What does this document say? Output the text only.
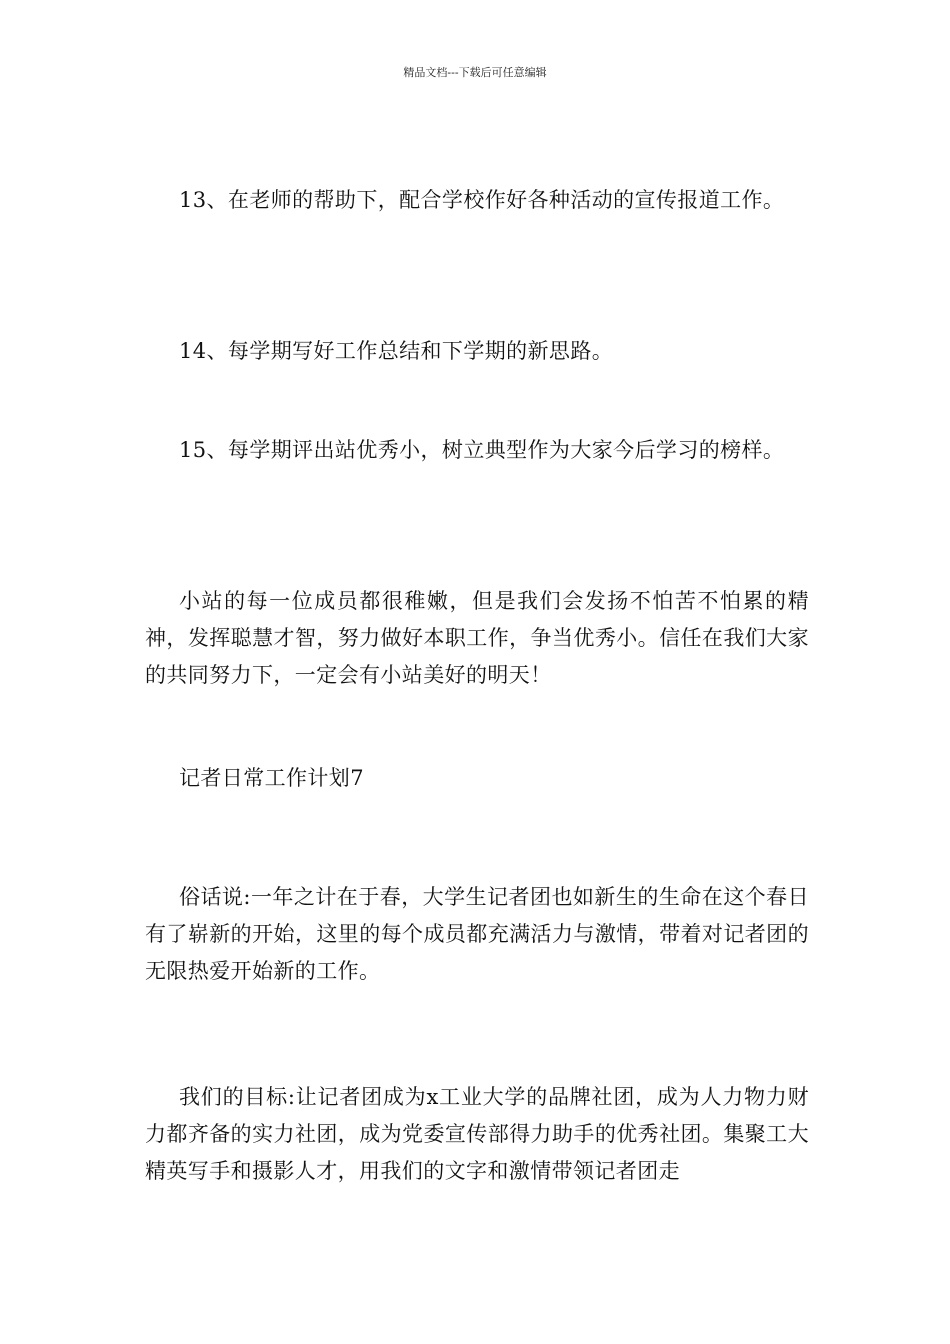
精品文档---下载后可任意编辑

13、在老师的帮助下，配合学校作好各种活动的宣传报道工作。

14、每学期写好工作总结和下学期的新思路。

15、每学期评出站优秀小，树立典型作为大家今后学习的榜样。

小站的每一位成员都很稚嫩，但是我们会发扬不怕苦不怕累的精神，发挥聪慧才智，努力做好本职工作，争当优秀小。信任在我们大家的共同努力下，一定会有小站美好的明天！

记者日常工作计划7

俗话说:一年之计在于春，大学生记者团也如新生的生命在这个春日有了崭新的开始，这里的每个成员都充满活力与激情，带着对记者团的无限热爱开始新的工作。

我们的目标:让记者团成为x工业大学的品牌社团，成为人力物力财力都齐备的实力社团，成为党委宣传部得力助手的优秀社团。集聚工大精英写手和摄影人才，用我们的文字和激情带领记者团走
